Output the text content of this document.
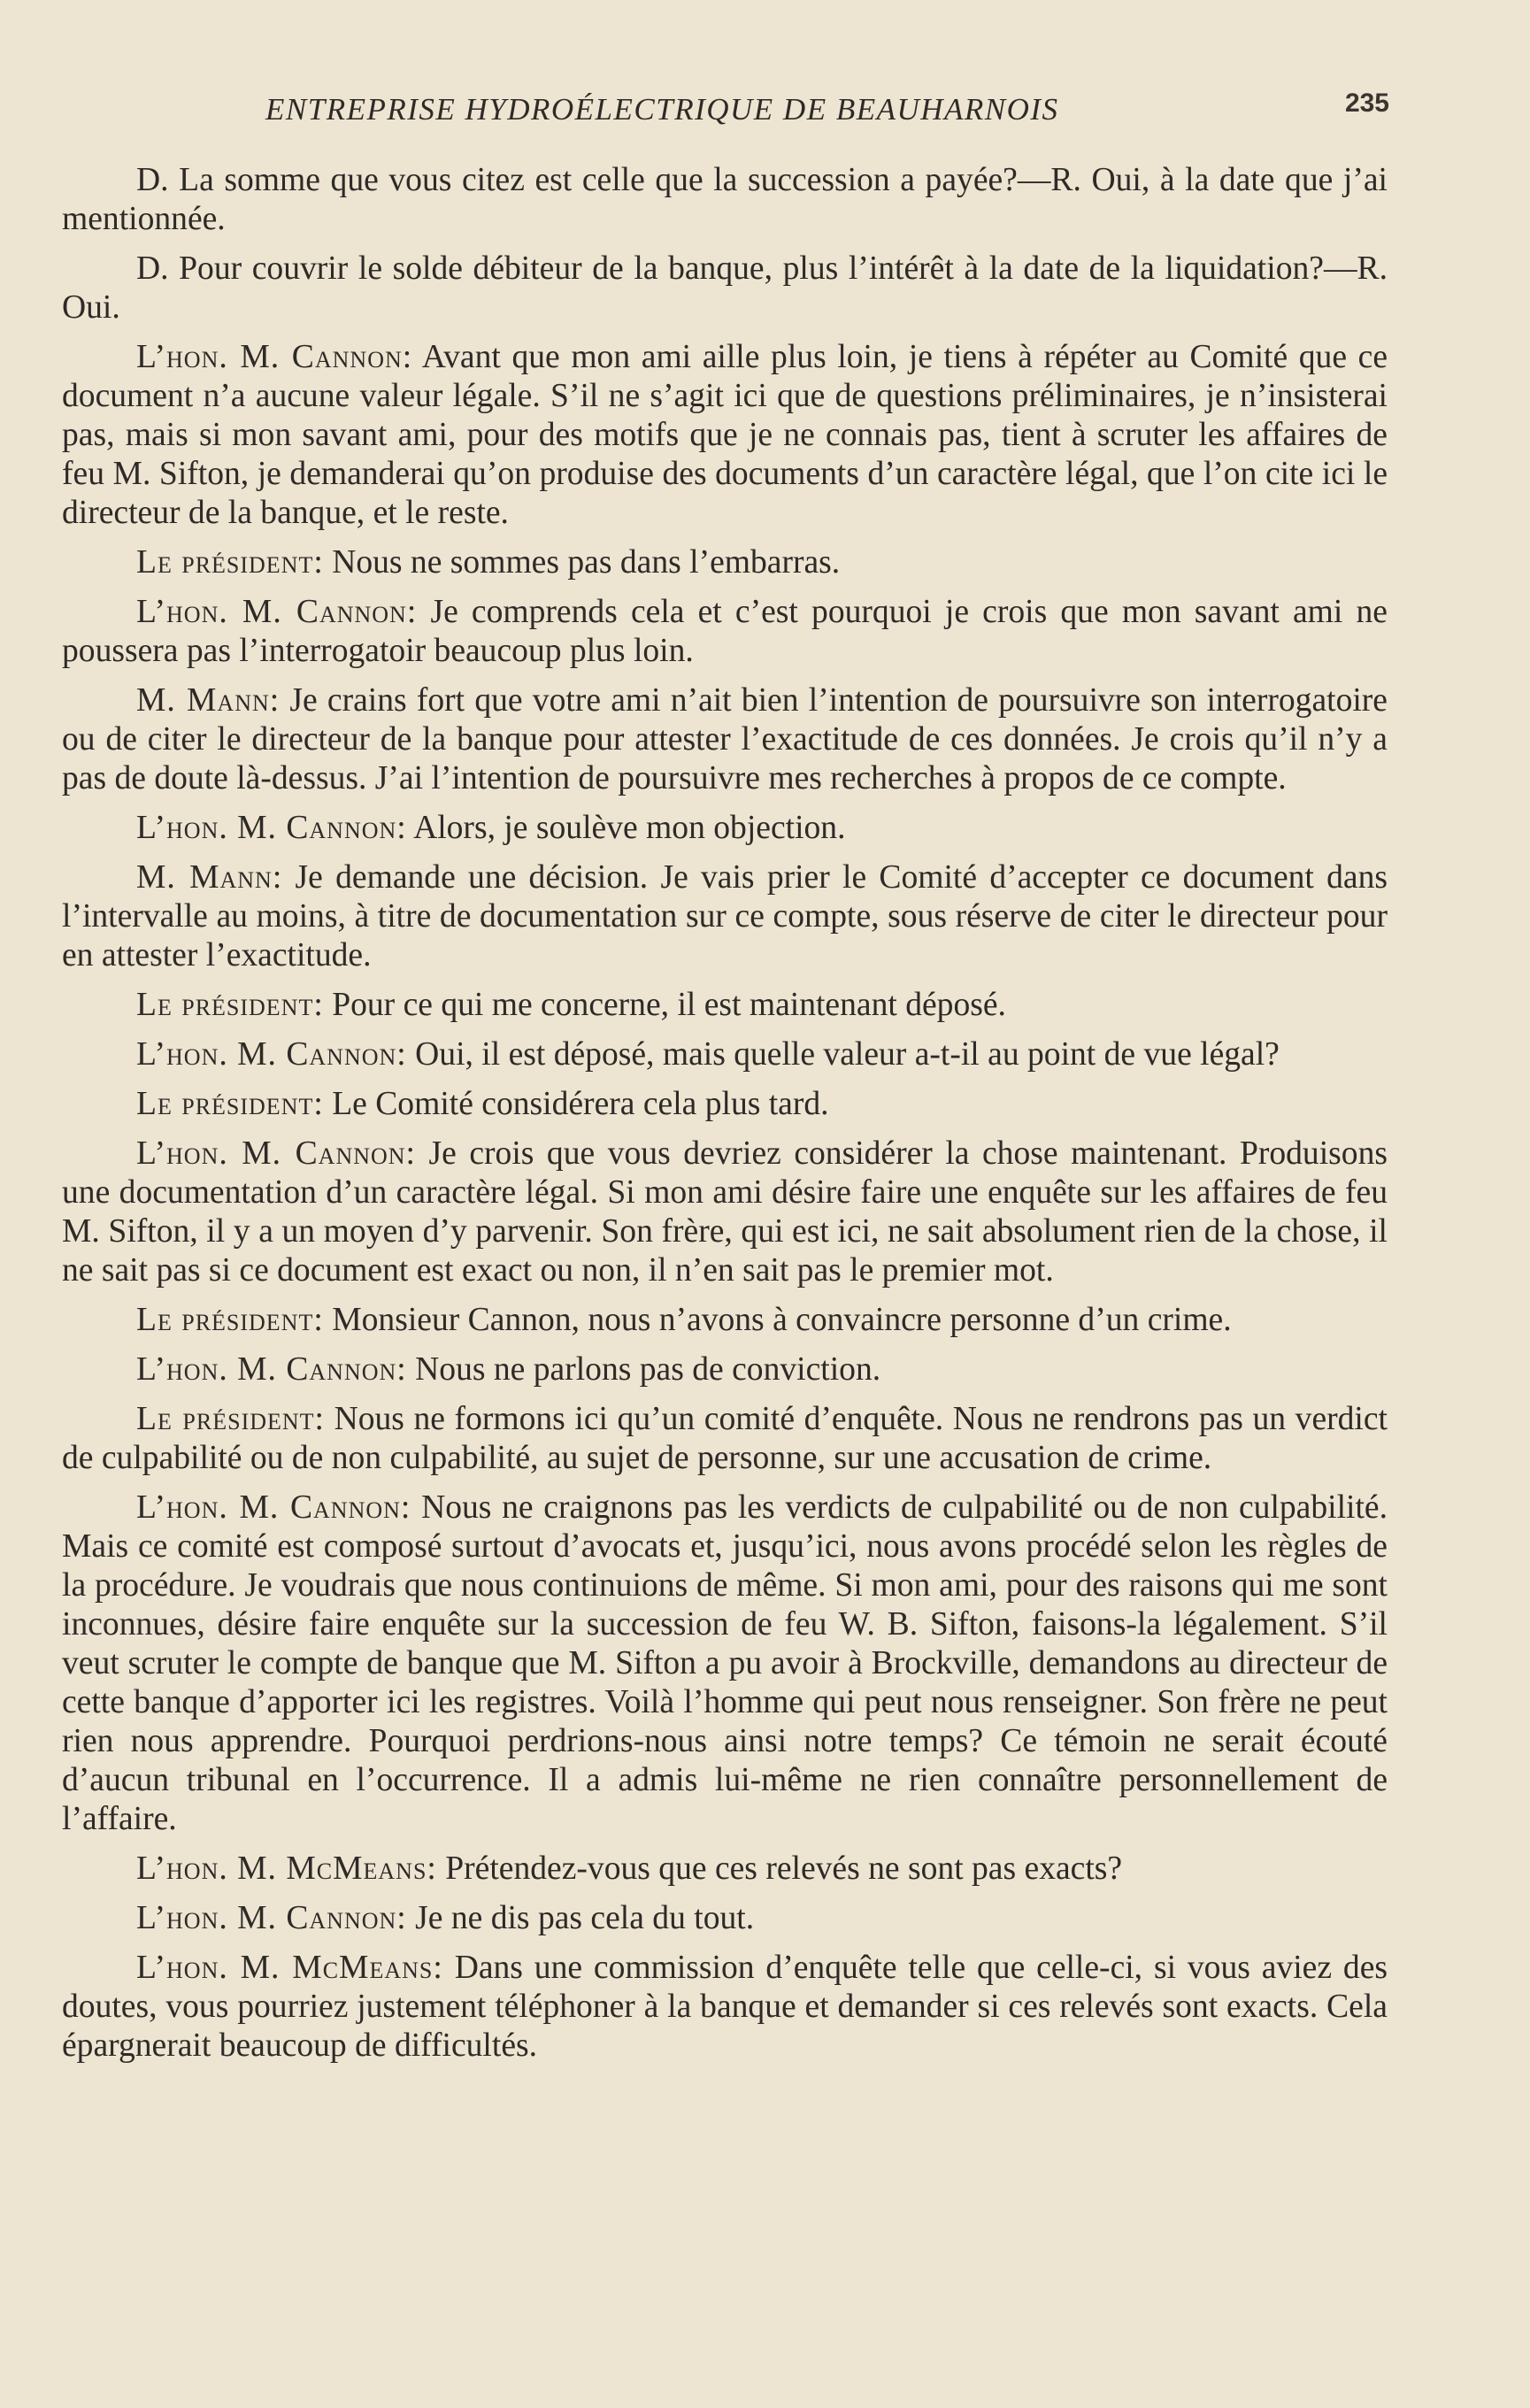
ENTREPRISE HYDROÉLECTRIQUE DE BEAUHARNOIS	235

D. La somme que vous citez est celle que la succession a payée?—R. Oui, à la date que j’ai mentionnée.

D. Pour couvrir le solde débiteur de la banque, plus l’intérêt à la date de la liquidation?—R. Oui.

L’hon. M. Cannon: Avant que mon ami aille plus loin, je tiens à répéter au Comité que ce document n’a aucune valeur légale. S’il ne s’agit ici que de questions préliminaires, je n’insisterai pas, mais si mon savant ami, pour des motifs que je ne connais pas, tient à scruter les affaires de feu M. Sifton, je demanderai qu’on produise des documents d’un caractère légal, que l’on cite ici le directeur de la banque, et le reste.

Le président: Nous ne sommes pas dans l’embarras.

L’hon. M. Cannon: Je comprends cela et c’est pourquoi je crois que mon savant ami ne poussera pas l’interrogatoir beaucoup plus loin.

M. Mann: Je crains fort que votre ami n’ait bien l’intention de poursuivre son interrogatoire ou de citer le directeur de la banque pour attester l’exactitude de ces données. Je crois qu’il n’y a pas de doute là-dessus. J’ai l’intention de poursuivre mes recherches à propos de ce compte.

L’hon. M. Cannon: Alors, je soulève mon objection.

M. Mann: Je demande une décision. Je vais prier le Comité d’accepter ce document dans l’intervalle au moins, à titre de documentation sur ce compte, sous réserve de citer le directeur pour en attester l’exactitude.

Le président: Pour ce qui me concerne, il est maintenant déposé.

L’hon. M. Cannon: Oui, il est déposé, mais quelle valeur a-t-il au point de vue légal?

Le président: Le Comité considérera cela plus tard.

L’hon. M. Cannon: Je crois que vous devriez considérer la chose maintenant. Produisons une documentation d’un caractère légal. Si mon ami désire faire une enquête sur les affaires de feu M. Sifton, il y a un moyen d’y parvenir. Son frère, qui est ici, ne sait absolument rien de la chose, il ne sait pas si ce document est exact ou non, il n’en sait pas le premier mot.

Le président: Monsieur Cannon, nous n’avons à convaincre personne d’un crime.

L’hon. M. Cannon: Nous ne parlons pas de conviction.

Le président: Nous ne formons ici qu’un comité d’enquête. Nous ne rendrons pas un verdict de culpabilité ou de non culpabilité, au sujet de personne, sur une accusation de crime.

L’hon. M. Cannon: Nous ne craignons pas les verdicts de culpabilité ou de non culpabilité. Mais ce comité est composé surtout d’avocats et, jusqu’ici, nous avons procédé selon les règles de la procédure. Je voudrais que nous continuions de même. Si mon ami, pour des raisons qui me sont inconnues, désire faire enquête sur la succession de feu W. B. Sifton, faisons-la légalement. S’il veut scruter le compte de banque que M. Sifton a pu avoir à Brockville, demandons au directeur de cette banque d’apporter ici les registres. Voilà l’homme qui peut nous renseigner. Son frère ne peut rien nous apprendre. Pourquoi perdrions-nous ainsi notre temps? Ce témoin ne serait écouté d’aucun tribunal en l’occurrence. Il a admis lui-même ne rien connaître personnellement de l’affaire.

L’hon. M. McMeans: Prétendez-vous que ces relevés ne sont pas exacts?

L’hon. M. Cannon: Je ne dis pas cela du tout.

L’hon. M. McMeans: Dans une commission d’enquête telle que celle-ci, si vous aviez des doutes, vous pourriez justement téléphoner à la banque et demander si ces relevés sont exacts. Cela épargnerait beaucoup de difficultés.
